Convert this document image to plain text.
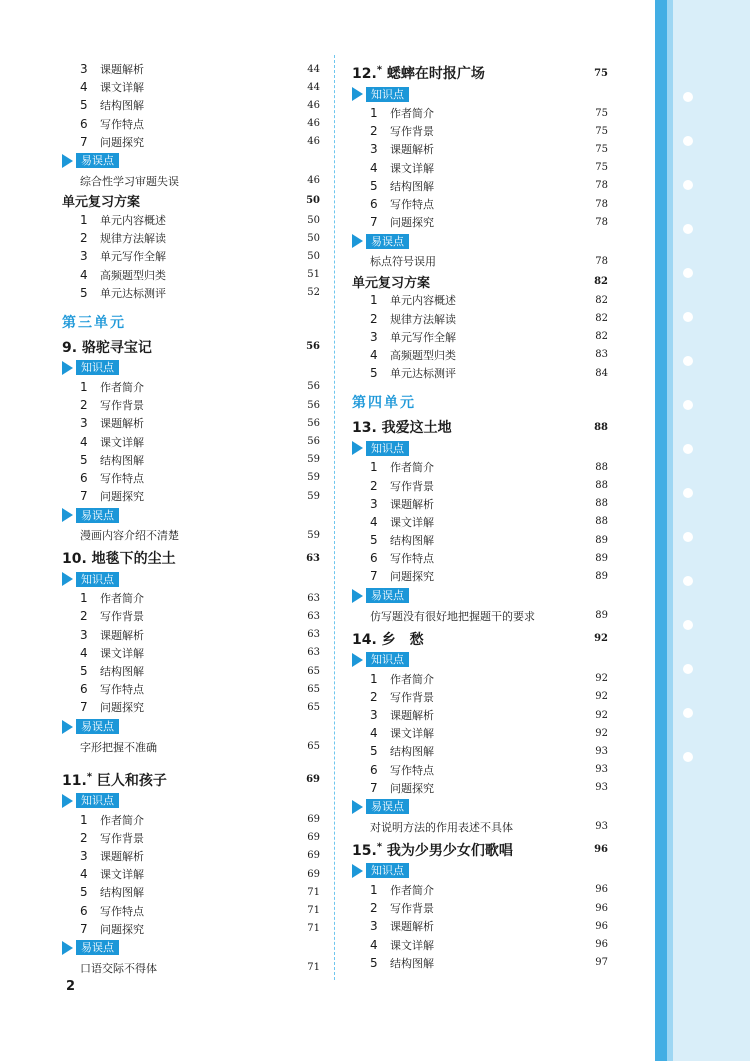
3 课题解析	44
4 课文详解	44
5 结构图解	46
6 写作特点	46
7 问题探究	46
易误点
综合性学习审题失误	46
单元复习方案	50
1 单元内容概述	50
2 规律方法解读	50
3 单元写作全解	50
4 高频题型归类	51
5 单元达标测评	52
第三单元
9. 骆驼寻宝记	56
知识点
1 作者简介	56
2 写作背景	56
3 课题解析	56
4 课文详解	56
5 结构图解	59
6 写作特点	59
7 问题探究	59
易误点
漫画内容介绍不清楚	59
10. 地毯下的尘土	63
知识点
1 作者简介	63
2 写作背景	63
3 课题解析	63
4 课文详解	63
5 结构图解	65
6 写作特点	65
7 问题探究	65
易误点
字形把握不准确	65
11.* 巨人和孩子	69
知识点
1 作者简介	69
2 写作背景	69
3 课题解析	69
4 课文详解	69
5 结构图解	71
6 写作特点	71
7 问题探究	71
易误点
口语交际不得体	71
12.* 蟋蟀在时报广场	75
知识点
1 作者简介	75
2 写作背景	75
3 课题解析	75
4 课文详解	75
5 结构图解	78
6 写作特点	78
7 问题探究	78
易误点
标点符号误用	78
单元复习方案	82
1 单元内容概述	82
2 规律方法解读	82
3 单元写作全解	82
4 高频题型归类	83
5 单元达标测评	84
第四单元
13. 我爱这土地	88
知识点
1 作者简介	88
2 写作背景	88
3 课题解析	88
4 课文详解	88
5 结构图解	89
6 写作特点	89
7 问题探究	89
易误点
仿写题没有很好地把握题干的要求	89
14. 乡　愁	92
知识点
1 作者简介	92
2 写作背景	92
3 课题解析	92
4 课文详解	92
5 结构图解	93
6 写作特点	93
7 问题探究	93
易误点
对说明方法的作用表述不具体	93
15.* 我为少男少女们歌唱	96
知识点
1 作者简介	96
2 写作背景	96
3 课题解析	96
4 课文详解	96
5 结构图解	97
2
